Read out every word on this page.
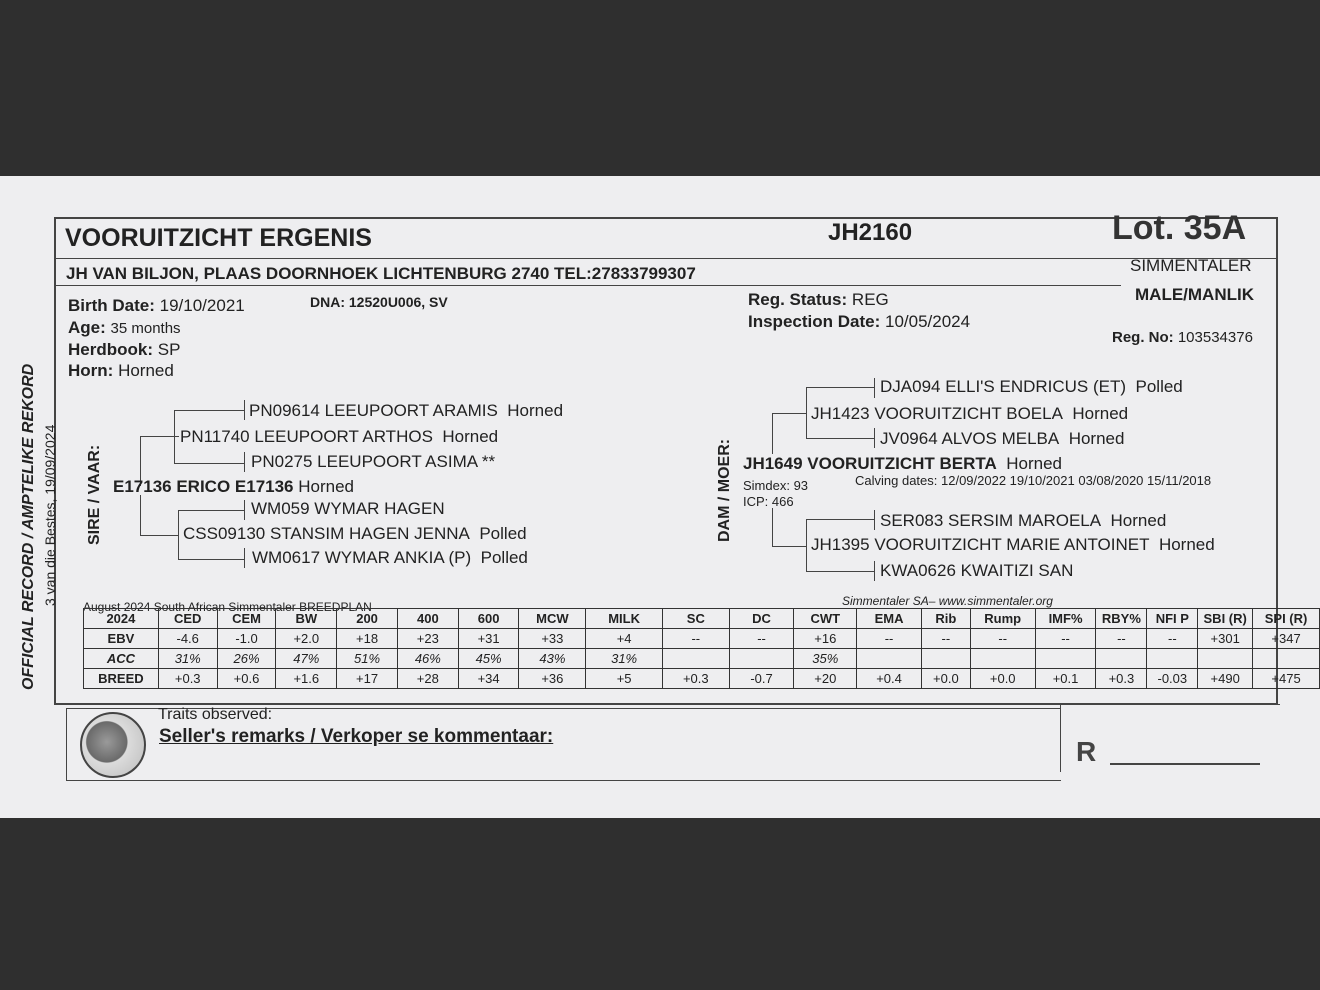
VOORUITZICHT ERGENIS	JH2160	Lot. 35A
JH VAN BILJON, PLAAS DOORNHOEK LICHTENBURG 2740 TEL:27833799307	SIMMENTALER
MALE/MANLIK
Birth Date: 19/10/2021	DNA: 12520U006, SV
Age: 35 months
Herdbook: SP
Horn: Horned
Reg. Status: REG
Inspection Date: 10/05/2024
Reg. No: 103534376
OFFICIAL RECORD / AMPTELIKE REKORD 3 van die Bestes, 19/09/2024 SIRE / VAAR:	DAM / MOER:
PN09614 LEEUPOORT ARAMIS Horned
PN11740 LEEUPOORT ARTHOS Horned
PN0275 LEEUPOORT ASIMA **
E17136 ERICO E17136 Horned
WM059 WYMAR HAGEN
CSS09130 STANSIM HAGEN JENNA Polled
WM0617 WYMAR ANKIA (P) Polled
DJA094 ELLI'S ENDRICUS (ET) Polled
JH1423 VOORUITZICHT BOELA Horned
JV0964 ALVOS MELBA Horned
JH1649 VOORUITZICHT BERTA Horned
Simdex: 93
ICP: 466
Calving dates: 12/09/2022 19/10/2021 03/08/2020 15/11/2018
SER083 SERSIM MAROELA Horned
JH1395 VOORUITZICHT MARIE ANTOINET Horned
KWA0626 KWAITIZI SAN
August 2024 South African Simmentaler BREEDPLAN	Simmentaler SA– www.simmentaler.org
2024	CED	CEM	BW	200	400	600	MCW	MILK	SC	DC	CWT	EMA	Rib	Rump	IMF%	RBY%	NFI P	SBI (R)	SPI (R)
EBV	-4.6	-1.0	+2.0	+18	+23	+31	+33	+4	--	--	+16	--	--	--	--	--	--	+301	+347
ACC	31%	26%	47%	51%	46%	45%	43%	31%			35%								
BREED	+0.3	+0.6	+1.6	+17	+28	+34	+36	+5	+0.3	-0.7	+20	+0.4	+0.0	+0.0	+0.1	+0.3	-0.03	+490	+475
Traits observed:
Seller's remarks / Verkoper se kommentaar:	R
